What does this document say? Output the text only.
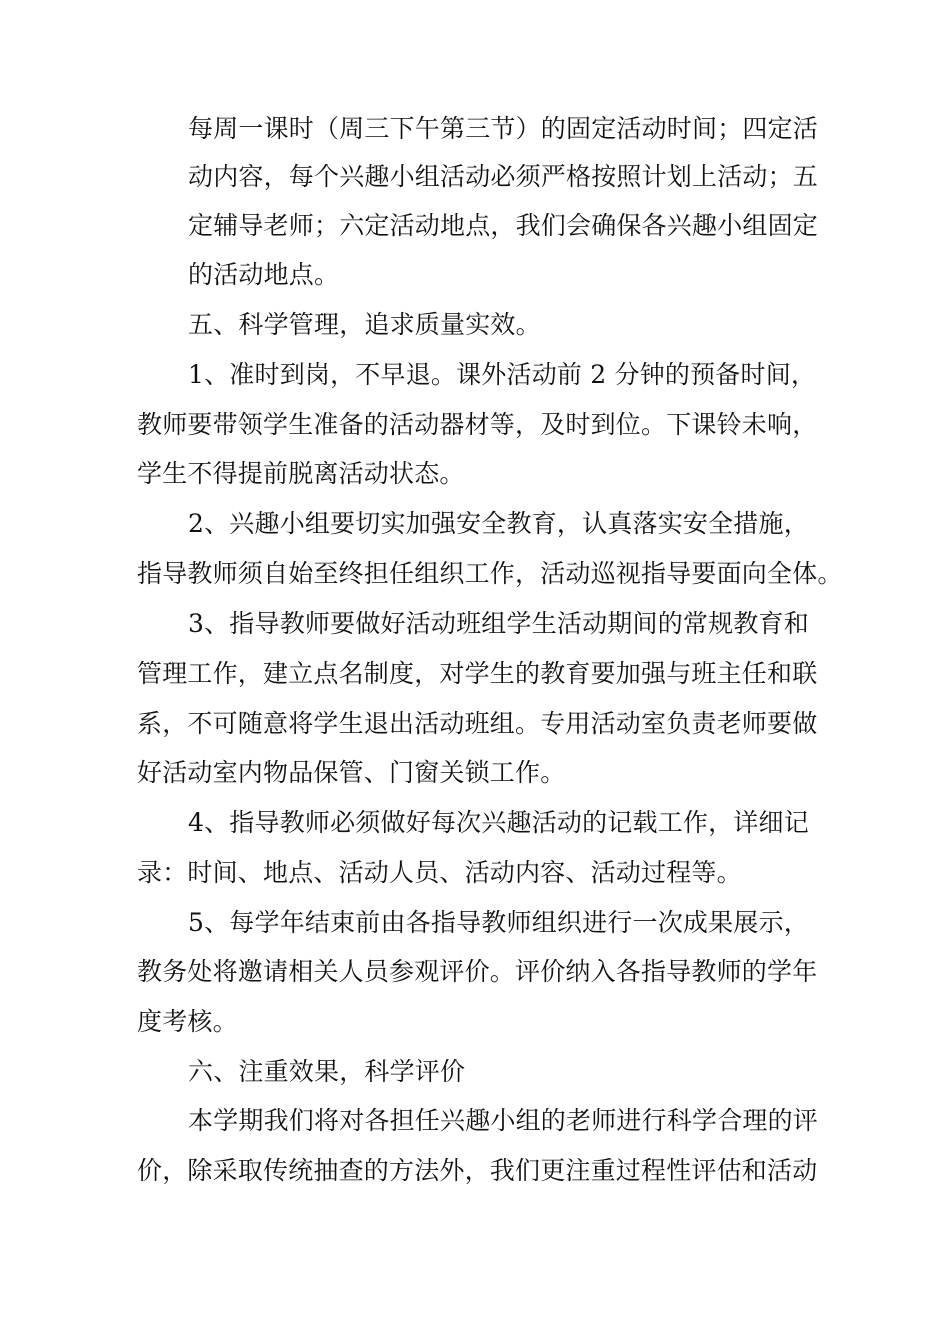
每周一课时（周三下午第三节）的固定活动时间；四定活
动内容，每个兴趣小组活动必须严格按照计划上活动；五
定辅导老师；六定活动地点，我们会确保各兴趣小组固定
的活动地点。
五、科学管理，追求质量实效。
1、准时到岗，不早退。课外活动前 2 分钟的预备时间，
教师要带领学生准备的活动器材等，及时到位。下课铃未响，
学生不得提前脱离活动状态。
2、兴趣小组要切实加强安全教育，认真落实安全措施，
指导教师须自始至终担任组织工作，活动巡视指导要面向全体。
3、指导教师要做好活动班组学生活动期间的常规教育和
管理工作，建立点名制度，对学生的教育要加强与班主任和联
系，不可随意将学生退出活动班组。专用活动室负责老师要做
好活动室内物品保管、门窗关锁工作。
4、指导教师必须做好每次兴趣活动的记载工作，详细记
录：时间、地点、活动人员、活动内容、活动过程等。
5、每学年结束前由各指导教师组织进行一次成果展示，
教务处将邀请相关人员参观评价。评价纳入各指导教师的学年
度考核。
六、注重效果，科学评价
本学期我们将对各担任兴趣小组的老师进行科学合理的评
价，除采取传统抽查的方法外，我们更注重过程性评估和活动
